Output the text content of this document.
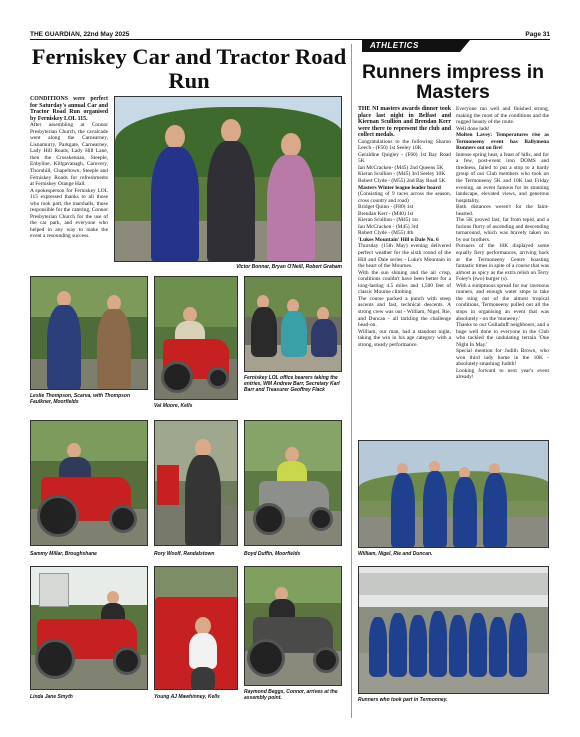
THE GUARDIAN, 22nd May 2025	Page 31
Ferniskey Car and Tractor Road Run

CONDITIONS were perfect for Saturday's annual Car and Tractor Road Run organised by Ferniskey LOL 115.

After assembling at Connor Presbyterian Church, the cavalcade went along the Carnearney, Lisnamurry, Parkgate, Carnearney, Lady Hill Roads, Lady Hill Lane, then the Crosskennan, Steeple, Enbyline, Killgavanagh, Carnvery, Thornhill, Chapeltown, Steeple and Ferniskey Roads for refreshments at Ferniskey Orange Hall.

A spokesperson for Ferniskey LOL 115 expressed thanks to all those who took part, the marshalls, those responsible for the catering, Connor Presbyterian Church for the use of the car park, and everyone who helped in any way to make the event a resounding success.

Victor Bonnar, Bryan O'Neill, Robert Graham
Leslie Thompson, Scarva, with Thompson Faulkner, Moorfields
Val Moore, Kells
Ferniskey LOL office bearers taking the entries, WM Andrew Barr, Secretary Karl Barr and Treasurer Geoffrey Flack
Sammy Millar, Broughshane	Rory Woolf, Randalstown	Boyd Duffin, Moorfields
Linda Jane Smyth	Young AJ Mawhinney, Kells
Raymond Beggs, Connor, arrives at the assembly point.
ATHLETICS
Runners impress in Masters

THE NI masters awards dinner took place last night in Belfast and Kiernan Scullion and Brendan Kerr were there to represent the club and collect medals.

Congratulations to the following Sharon Leech - (F50) 1st Seeley 10K

Geraldine Quigley - (F60) 1st Bay Road 5K

Ian McCracken- (M45) 2nd Queens 5K

Kieran Scullion - (M45) 3rd Seeley 10K

Robert Clyde - (M55) 2nd Bay Road 5K

Masters Winter league leader board

(Consisting of 9 races across the season, cross country and road)

Bridget Quinn - (F80) 1st

Brendan Kerr - (M40) 1st

Kieran Scullion - (M45) 1st

Ian McCracken - (M45) 3rd

Robert Clyde - (M55) 4th

'Lukes Mountain' Hill n Dale No. 6

Thursday (15th May) evening delivered perfect weather for the sixth round of the Hill and Dale series - Luke's Mountain in the heart of the Mournes.

With the sun shining and the air crisp, conditions couldn't have been better for a long-lasting 4.5 miles and 1,500 feet of classic Mourne climbing.

The course packed a punch with steep ascents and fast, technical descents. A strong crew was out - William, Nigel, Rie, and Duncan - all tackling the challenge head-on.

William, our man, had a standout night, taking the win in his age category with a strong, steady performance.

Everyone ran well and finished strong, making the most of the conditions and the rugged beauty of the route.

Well done lads!

Molten Lavey: Temperatures rise as Termoneeny event has Ballymena Runners out on fire!

Intense spring heat, a feast of hills, and for a few, post-event iron DOMS and tiredness, failed to put a stop to a hardy group of our Club members who took on the Termoneeny 5K and 10K last Friday evening, an event famous for its stunning landscape, elevated views, and generous hospitality.

Both distances weren't for the faint-hearted.

The 5K proved fast, far from tepid, and a furious flurry of ascending and descending turnaround, which was bravely taken on by our brothers.

Pursuers of the 10K displayed some equally fiery performances, arriving back at the Termoneeny Centre boasting fantastic times in spite of a course that was almost as spicy as the extra relish on Terry Foley's (two) burger (s).

With a sumptuous spread for our ravenous runners, and enough water stops to take the sting out of the almost tropical conditions, Termoneeny pulled out all the stops in organising an event that was absolutely - on the 'moneeny.'

Thanks to our Gulladuff neighbours, and a huge well done to everyone in the Club who tackled the undulating terrain 'One Night In May.'

Special mention for Judith Brown, who won third lady home in the 10K - absolutely smashing Judith!

Looking forward to next year's event already!

William, Nigel, Rie and Duncan.
Runners who took part in Termonney.
